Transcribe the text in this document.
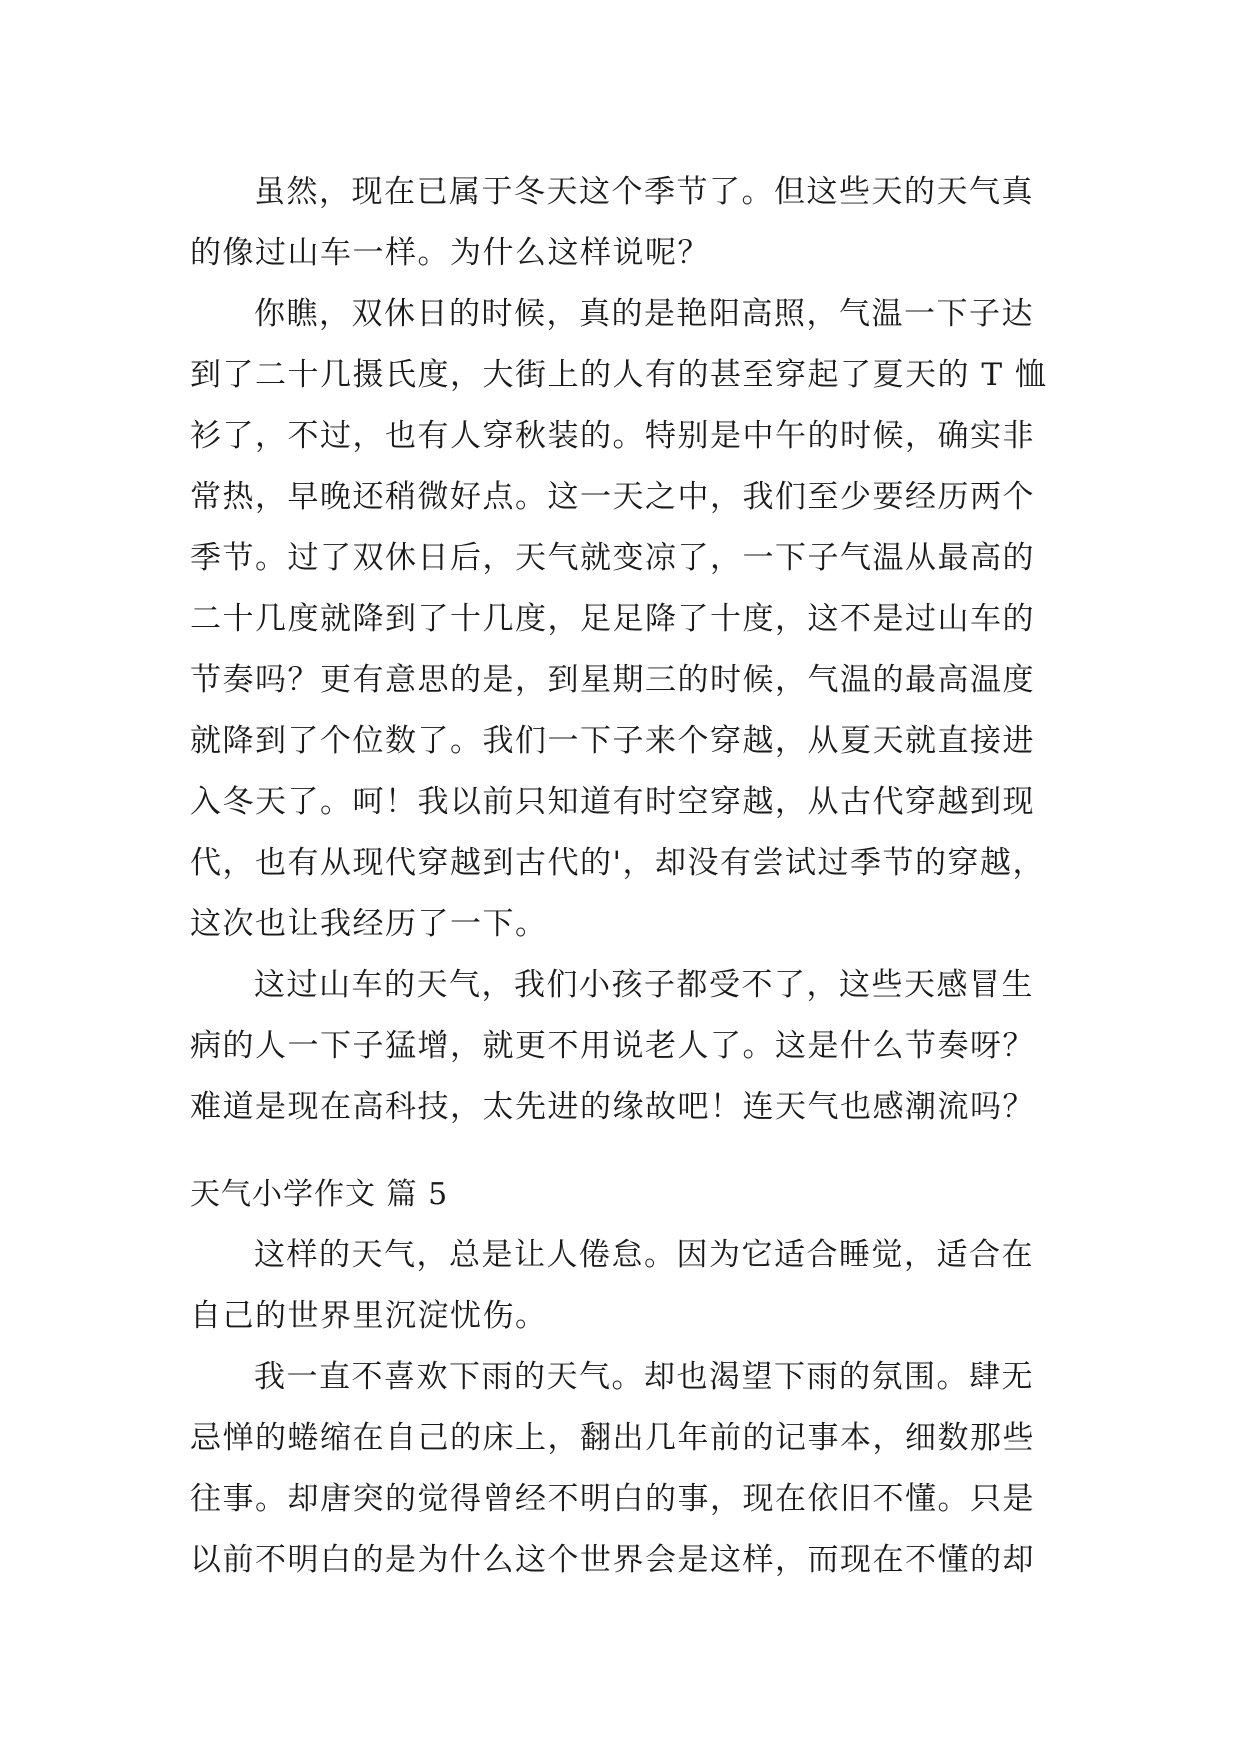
虽然，现在已属于冬天这个季节了。但这些天的天气真
的像过山车一样。为什么这样说呢？
你瞧，双休日的时候，真的是艳阳高照，气温一下子达
到了二十几摄氏度，大街上的人有的甚至穿起了夏天的 T 恤
衫了，不过，也有人穿秋装的。特别是中午的时候，确实非
常热，早晚还稍微好点。这一天之中，我们至少要经历两个
季节。过了双休日后，天气就变凉了，一下子气温从最高的
二十几度就降到了十几度，足足降了十度，这不是过山车的
节奏吗？更有意思的是，到星期三的时候，气温的最高温度
就降到了个位数了。我们一下子来个穿越，从夏天就直接进
入冬天了。呵！我以前只知道有时空穿越，从古代穿越到现
代，也有从现代穿越到古代的'，却没有尝试过季节的穿越，
这次也让我经历了一下。
这过山车的天气，我们小孩子都受不了，这些天感冒生
病的人一下子猛增，就更不用说老人了。这是什么节奏呀？
难道是现在高科技，太先进的缘故吧！连天气也感潮流吗？
天气小学作文 篇 5
这样的天气，总是让人倦怠。因为它适合睡觉，适合在
自己的世界里沉淀忧伤。
我一直不喜欢下雨的天气。却也渴望下雨的氛围。肆无
忌惮的蜷缩在自己的床上，翻出几年前的记事本，细数那些
往事。却唐突的觉得曾经不明白的事，现在依旧不懂。只是
以前不明白的是为什么这个世界会是这样，而现在不懂的却
